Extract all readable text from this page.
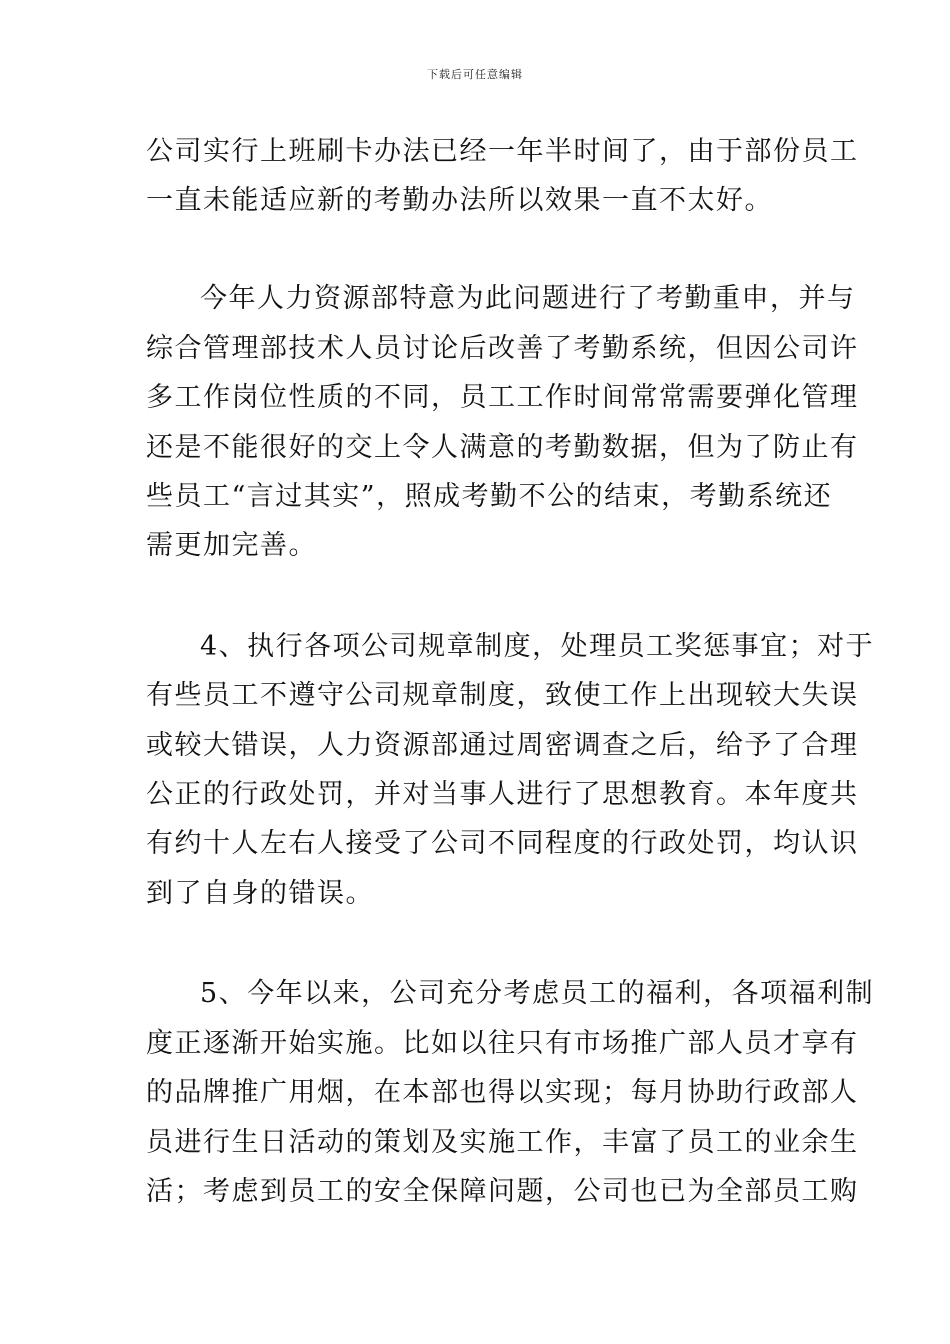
下载后可任意编辑
公司实行上班刷卡办法已经一年半时间了，由于部份员工
一直未能适应新的考勤办法所以效果一直不太好。
今年人力资源部特意为此问题进行了考勤重申，并与
综合管理部技术人员讨论后改善了考勤系统，但因公司许
多工作岗位性质的不同，员工工作时间常常需要弹化管理
还是不能很好的交上令人满意的考勤数据，但为了防止有
些员工“言过其实”，照成考勤不公的结束，考勤系统还
需更加完善。
4、执行各项公司规章制度，处理员工奖惩事宜；对于
有些员工不遵守公司规章制度，致使工作上出现较大失误
或较大错误，人力资源部通过周密调查之后，给予了合理
公正的行政处罚，并对当事人进行了思想教育。本年度共
有约十人左右人接受了公司不同程度的行政处罚，均认识
到了自身的错误。
5、今年以来，公司充分考虑员工的福利，各项福利制
度正逐渐开始实施。比如以往只有市场推广部人员才享有
的品牌推广用烟，在本部也得以实现；每月协助行政部人
员进行生日活动的策划及实施工作，丰富了员工的业余生
活；考虑到员工的安全保障问题，公司也已为全部员工购
